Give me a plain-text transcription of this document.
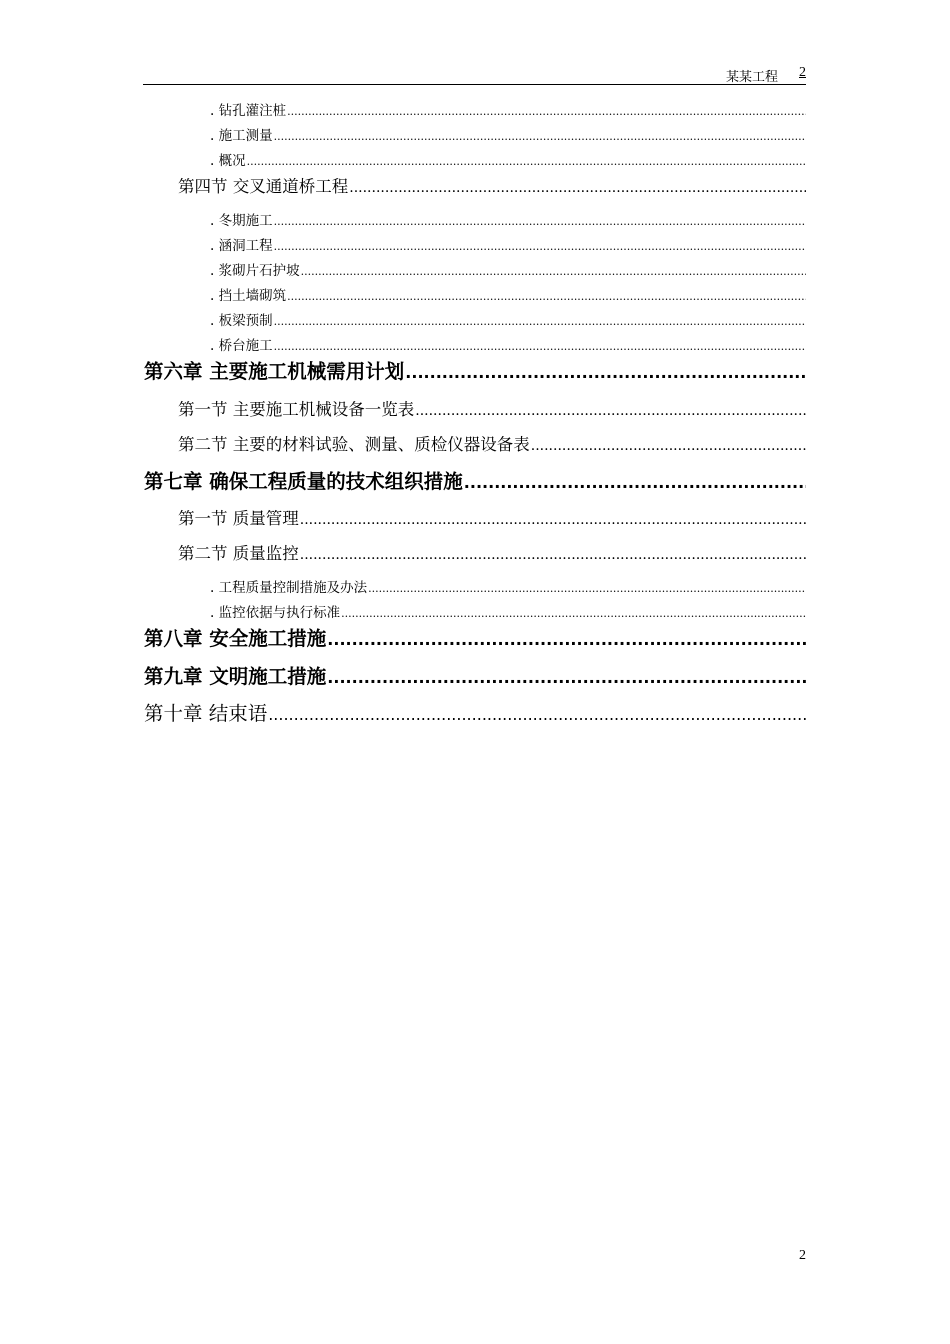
某某工程 2
. 钻孔灌注桩
.....
. 施工测量
.....
. 概况
.....
第四节 交叉通道桥工程
.....
. 冬期施工
.....
. 涵洞工程
.....
. 浆砌片石护坡
.....
. 挡土墙砌筑
.....
. 板梁预制
.....
. 桥台施工
.....
第六章 主要施工机械需用计划
.....
第一节 主要施工机械设备一览表
.....
第二节 主要的材料试验、测量、质检仪器设备表
.....
第七章 确保工程质量的技术组织措施
.....
第一节 质量管理
.....
第二节 质量监控
.....
. 工程质量控制措施及办法
.....
. 监控依据与执行标准
.....
第八章 安全施工措施
.....
第九章 文明施工措施
.....
第十章 结束语
.....
2
